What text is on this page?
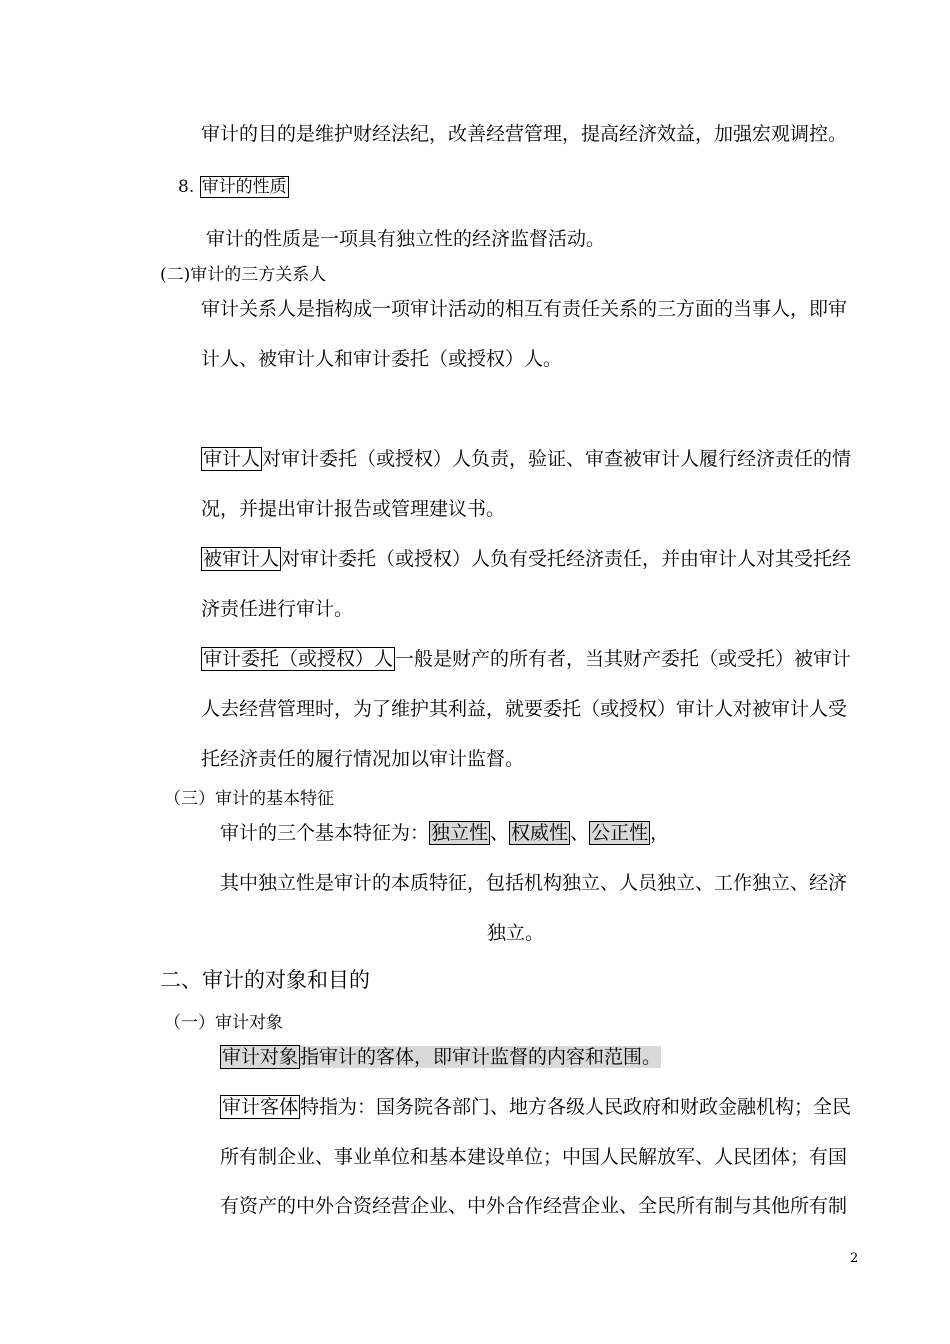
审计的目的是维护财经法纪，改善经营管理，提高经济效益，加强宏观调控。
8. 审计的性质
审计的性质是一项具有独立性的经济监督活动。
(二)审计的三方关系人
审计关系人是指构成一项审计活动的相互有责任关系的三方面的当事人，即审
计人、被审计人和审计委托（或授权）人。
审计人 对审计委托（或授权）人负责，验证、审查被审计人履行经济责任的情
况，并提出审计报告或管理建议书。
被审计人 对审计委托（或授权）人负有受托经济责任，并由审计人对其受托经
济责任进行审计。
审计委托（或授权）人 一般是财产的所有者，当其财产委托（或受托）被审计
人去经营管理时，为了维护其利益，就要委托（或授权）审计人对被审计人受
托经济责任的履行情况加以审计监督。
（三）审计的基本特征
审计的三个基本特征为： 独立性 、 权威性 、 公正性 ，
其中独立性是审计的本质特征，包括机构独立、人员独立、工作独立、经济
独立。
二、审计的对象和目的
（一）审计对象
审计对象 指审计的客体，即审计监督的内容和范围。
审计客体 特指为：国务院各部门、地方各级人民政府和财政金融机构；全民
所有制企业、事业单位和基本建设单位；中国人民解放军、人民团体；有国
有资产的中外合资经营企业、中外合作经营企业、全民所有制与其他所有制
2
